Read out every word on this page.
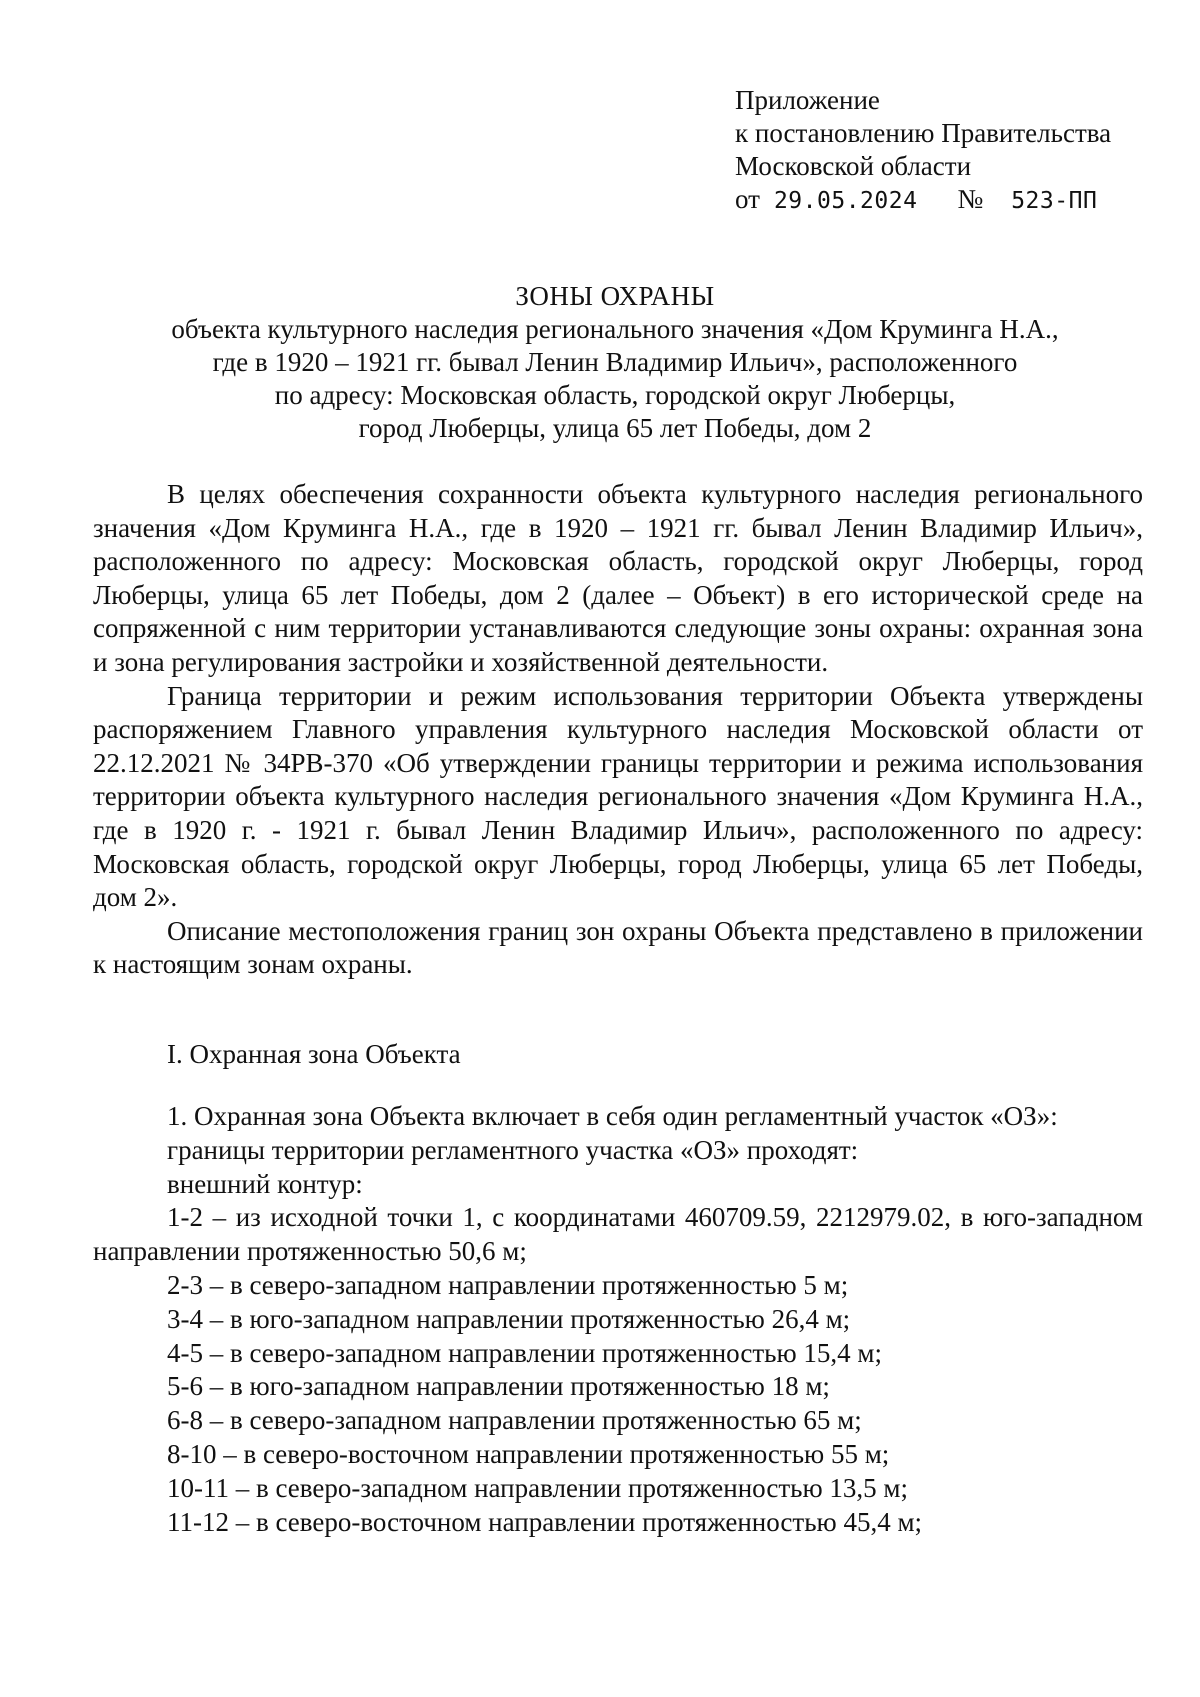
Приложение
к постановлению Правительства
Московской области
от 29.05.2024 № 523-ПП
ЗОНЫ ОХРАНЫ
объекта культурного наследия регионального значения «Дом Круминга Н.А.,
где в 1920 – 1921 гг. бывал Ленин Владимир Ильич», расположенного
по адресу: Московская область, городской округ Люберцы,
город Люберцы, улица 65 лет Победы, дом 2

В целях обеспечения сохранности объекта культурного наследия регионального значения «Дом Круминга Н.А., где в 1920 – 1921 гг. бывал Ленин Владимир Ильич», расположенного по адресу: Московская область, городской округ Люберцы, город Люберцы, улица 65 лет Победы, дом 2 (далее – Объект) в его исторической среде на сопряженной с ним территории устанавливаются следующие зоны охраны: охранная зона и зона регулирования застройки и хозяйственной деятельности.

Граница территории и режим использования территории Объекта утверждены распоряжением Главного управления культурного наследия Московской области от 22.12.2021 № 34РВ-370 «Об утверждении границы территории и режима использования территории объекта культурного наследия регионального значения «Дом Круминга Н.А., где в 1920 г. - 1921 г. бывал Ленин Владимир Ильич», расположенного по адресу: Московская область, городской округ Люберцы, город Люберцы, улица 65 лет Победы, дом 2».

Описание местоположения границ зон охраны Объекта представлено в приложении к настоящим зонам охраны.

I. Охранная зона Объекта

1. Охранная зона Объекта включает в себя один регламентный участок «ОЗ»:

границы территории регламентного участка «ОЗ» проходят:
внешний контур:

1-2 – из исходной точки 1, с координатами 460709.59, 2212979.02, в юго-западном направлении протяженностью 50,6 м;

2-3 – в северо-западном направлении протяженностью 5 м;
3-4 – в юго-западном направлении протяженностью 26,4 м;
4-5 – в северо-западном направлении протяженностью 15,4 м;
5-6 – в юго-западном направлении протяженностью 18 м;
6-8 – в северо-западном направлении протяженностью 65 м;
8-10 – в северо-восточном направлении протяженностью 55 м;
10-11 – в северо-западном направлении протяженностью 13,5 м;
11-12 – в северо-восточном направлении протяженностью 45,4 м;
